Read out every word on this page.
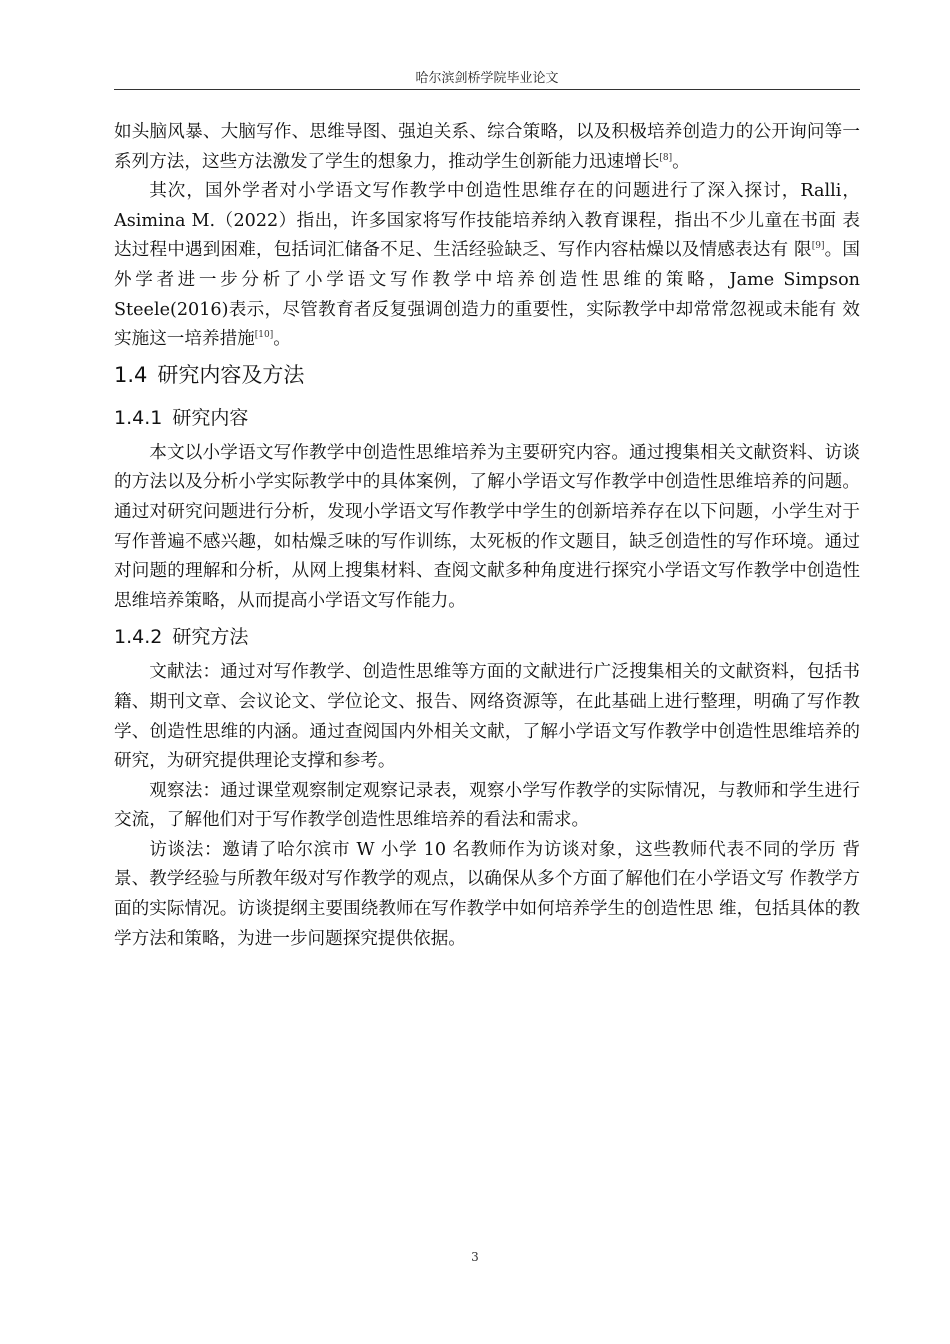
哈尔滨剑桥学院毕业论文

如头脑风暴、大脑写作、思维导图、强迫关系、综合策略，以及积极培养创造力的公开询问等一系列方法，这些方法激发了学生的想象力，推动学生创新能力迅速增长[8]。

其次，国外学者对小学语文写作教学中创造性思维存在的问题进行了深入探讨，Ralli， Asimina M.（2022）指出，许多国家将写作技能培养纳入教育课程，指出不少儿童在书面 表达过程中遇到困难，包括词汇储备不足、生活经验缺乏、写作内容枯燥以及情感表达有 限[9]。国外学者进一步分析了小学语文写作教学中培养创造性思维的策略，Jame Simpson Steele(2016)表示，尽管教育者反复强调创造力的重要性，实际教学中却常常忽视或未能有 效实施这一培养措施[10]。

1.4 研究内容及方法
1.4.1 研究内容

本文以小学语文写作教学中创造性思维培养为主要研究内容。通过搜集相关文献资料、访谈的方法以及分析小学实际教学中的具体案例，了解小学语文写作教学中创造性思维培养的问题。通过对研究问题进行分析，发现小学语文写作教学中学生的创新培养存在以下问题，小学生对于写作普遍不感兴趣，如枯燥乏味的写作训练，太死板的作文题目，缺乏创造性的写作环境。通过对问题的理解和分析，从网上搜集材料、查阅文献多种角度进行探究小学语文写作教学中创造性思维培养策略，从而提高小学语文写作能力。

1.4.2 研究方法

文献法：通过对写作教学、创造性思维等方面的文献进行广泛搜集相关的文献资料，包括书籍、期刊文章、会议论文、学位论文、报告、网络资源等，在此基础上进行整理，明确了写作教学、创造性思维的内涵。通过查阅国内外相关文献，了解小学语文写作教学中创造性思维培养的研究，为研究提供理论支撑和参考。

观察法：通过课堂观察制定观察记录表，观察小学写作教学的实际情况，与教师和学生进行交流，了解他们对于写作教学创造性思维培养的看法和需求。

访谈法：邀请了哈尔滨市 W 小学 10 名教师作为访谈对象，这些教师代表不同的学历 背景、教学经验与所教年级对写作教学的观点，以确保从多个方面了解他们在小学语文写 作教学方面的实际情况。访谈提纲主要围绕教师在写作教学中如何培养学生的创造性思 维，包括具体的教学方法和策略，为进一步问题探究提供依据。

3
